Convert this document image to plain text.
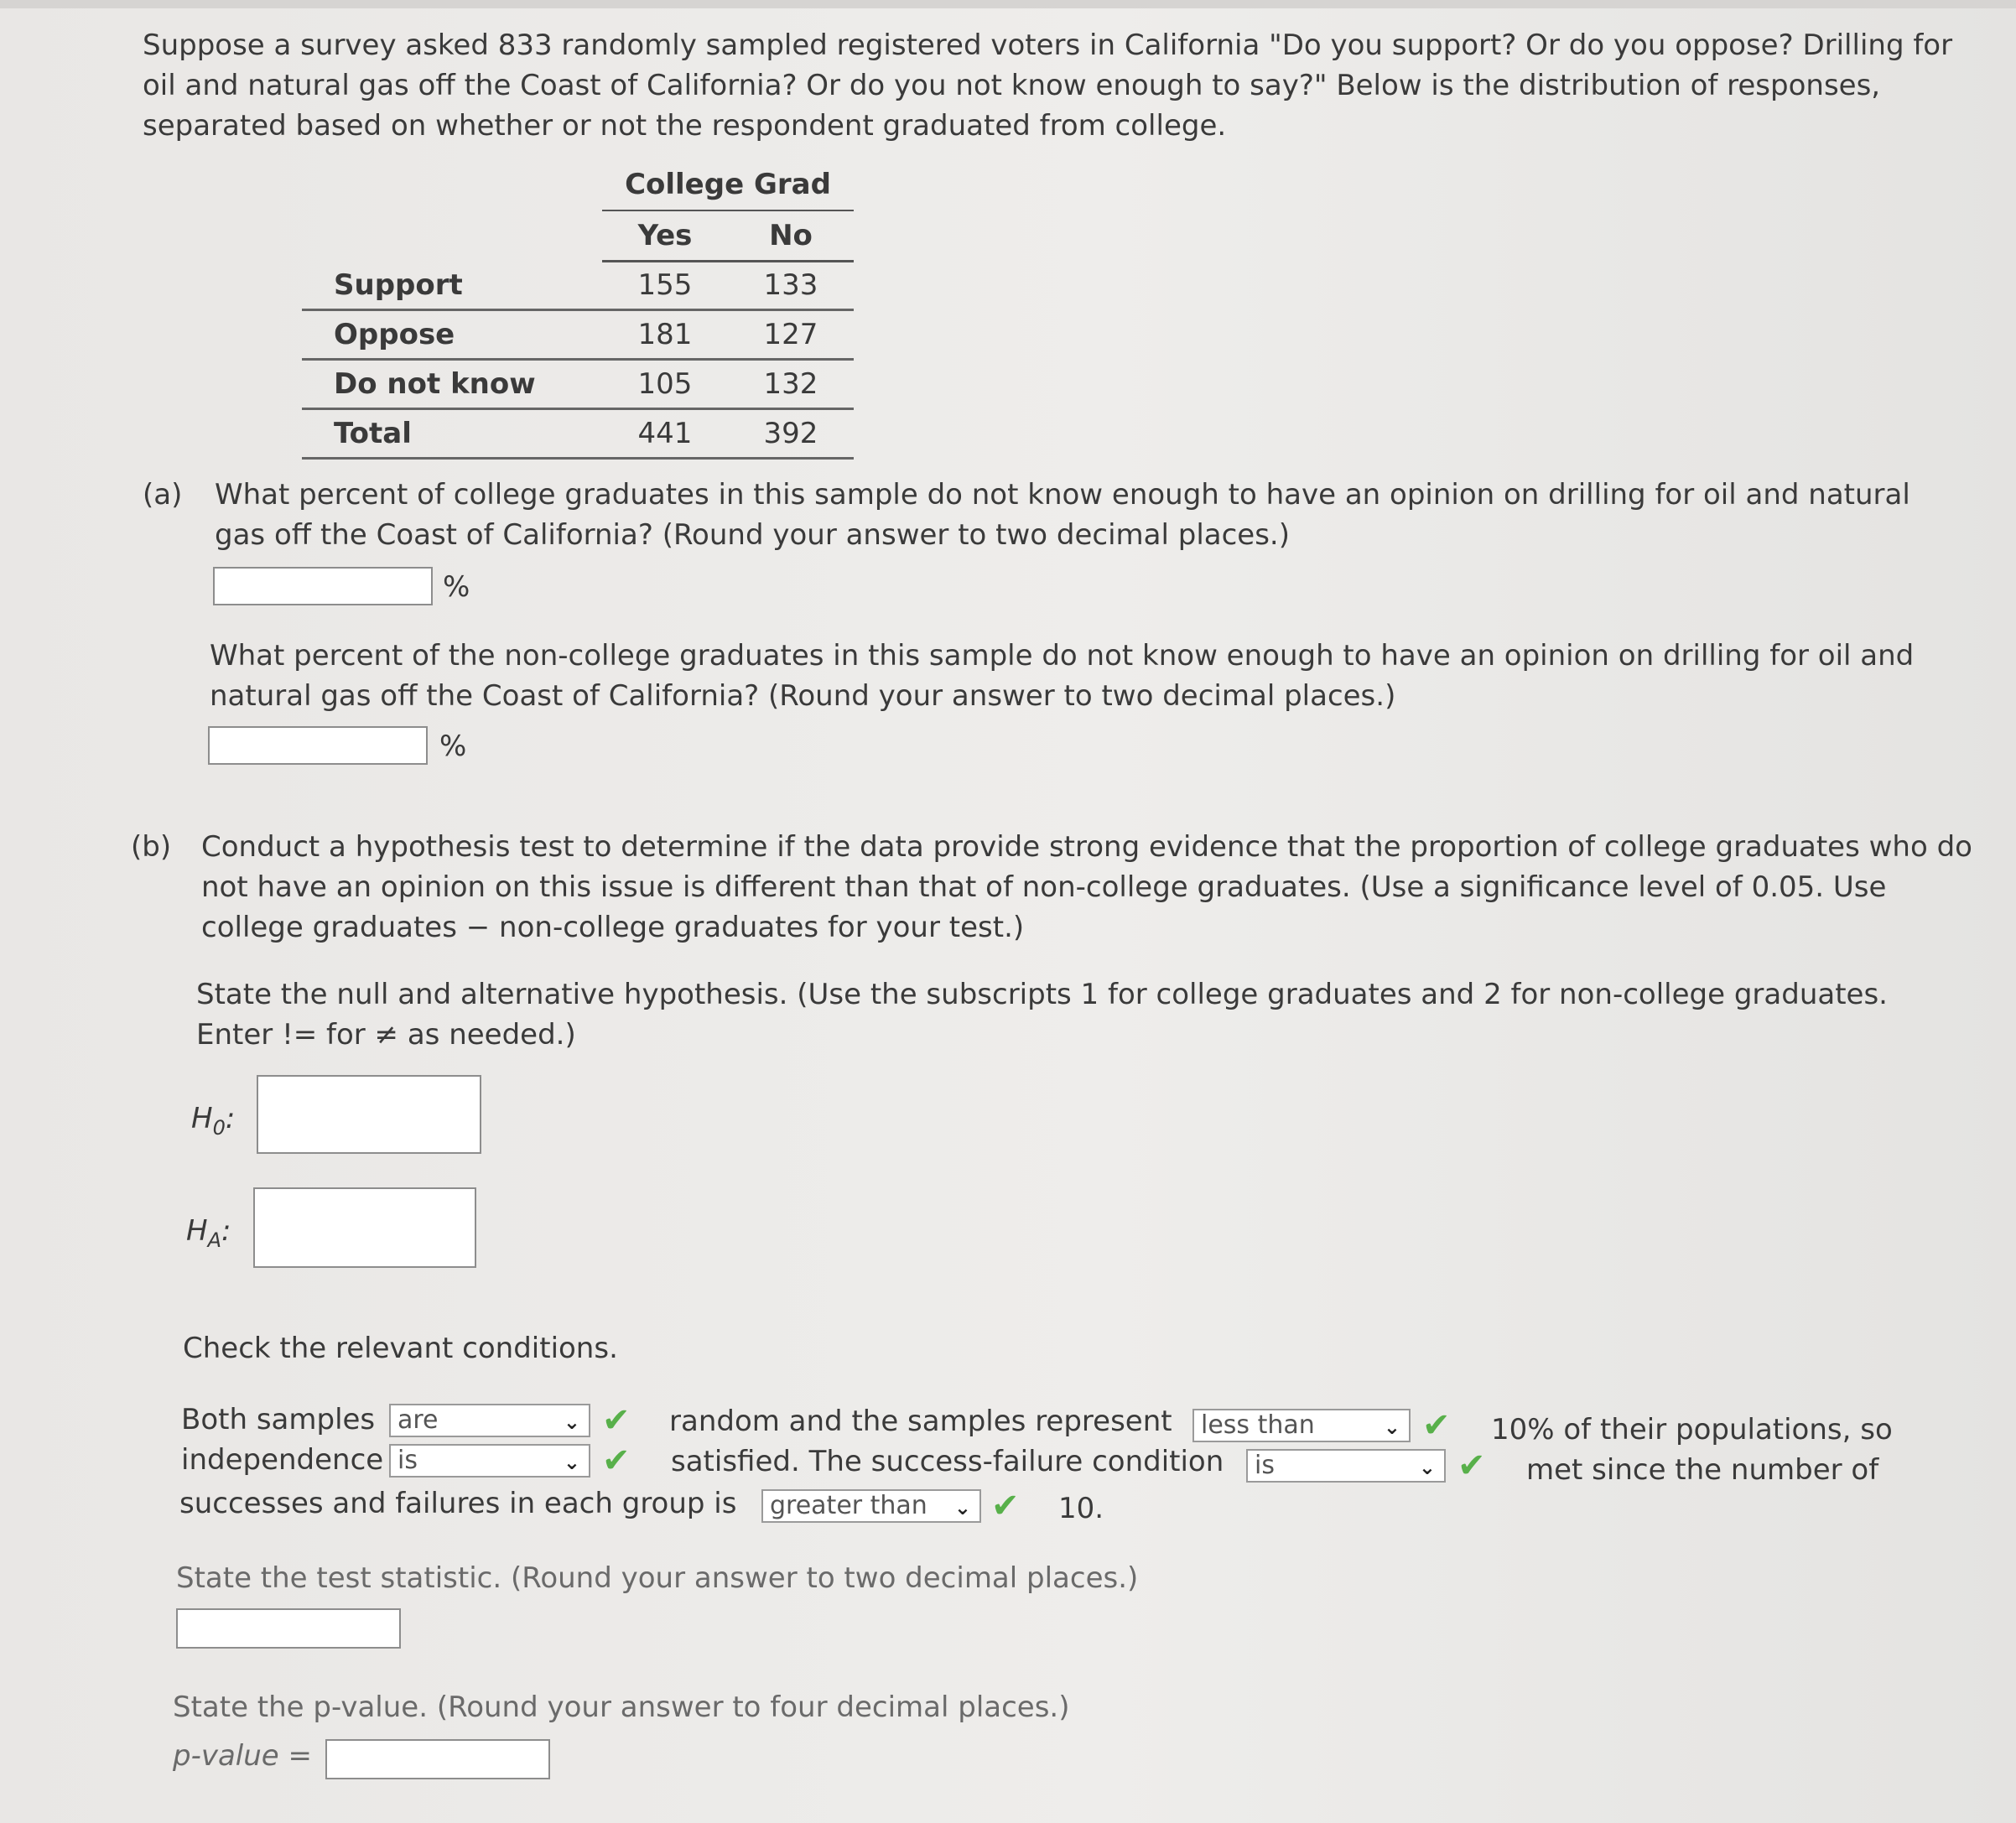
Suppose a survey asked 833 randomly sampled registered voters in California "Do you support? Or do you oppose? Drilling for oil and natural gas off the Coast of California? Or do you not know enough to say?" Below is the distribution of responses, separated based on whether or not the respondent graduated from college.
	College Grad	
	Yes	No
Support	155	133
Oppose	181	127
Do not know	105	132
Total	441	392
(a) What percent of college graduates in this sample do not know enough to have an opinion on drilling for oil and natural gas off the Coast of California? (Round your answer to two decimal places.)
%
What percent of the non-college graduates in this sample do not know enough to have an opinion on drilling for oil and natural gas off the Coast of California? (Round your answer to two decimal places.)
%
(b) Conduct a hypothesis test to determine if the data provide strong evidence that the proportion of college graduates who do not have an opinion on this issue is different than that of non-college graduates. (Use a significance level of 0.05. Use college graduates − non-college graduates for your test.)
State the null and alternative hypothesis. (Use the subscripts 1 for college graduates and 2 for non-college graduates. Enter != for ≠ as needed.)
$H_0$:
$H_A$:
Check the relevant conditions.
Both samples are	⌄ ✔ random and the samples represent	less than	⌄ ✔ 10% of their populations, so
independence is	⌄ ✔ satisfied. The success-failure condition	is	⌄ ✔ met since the number of
successes and failures in each group is	greater than ⌄ ✔ 10.
State the test statistic. (Round your answer to two decimal places.)
State the p-value. (Round your answer to four decimal places.)
p-value =
